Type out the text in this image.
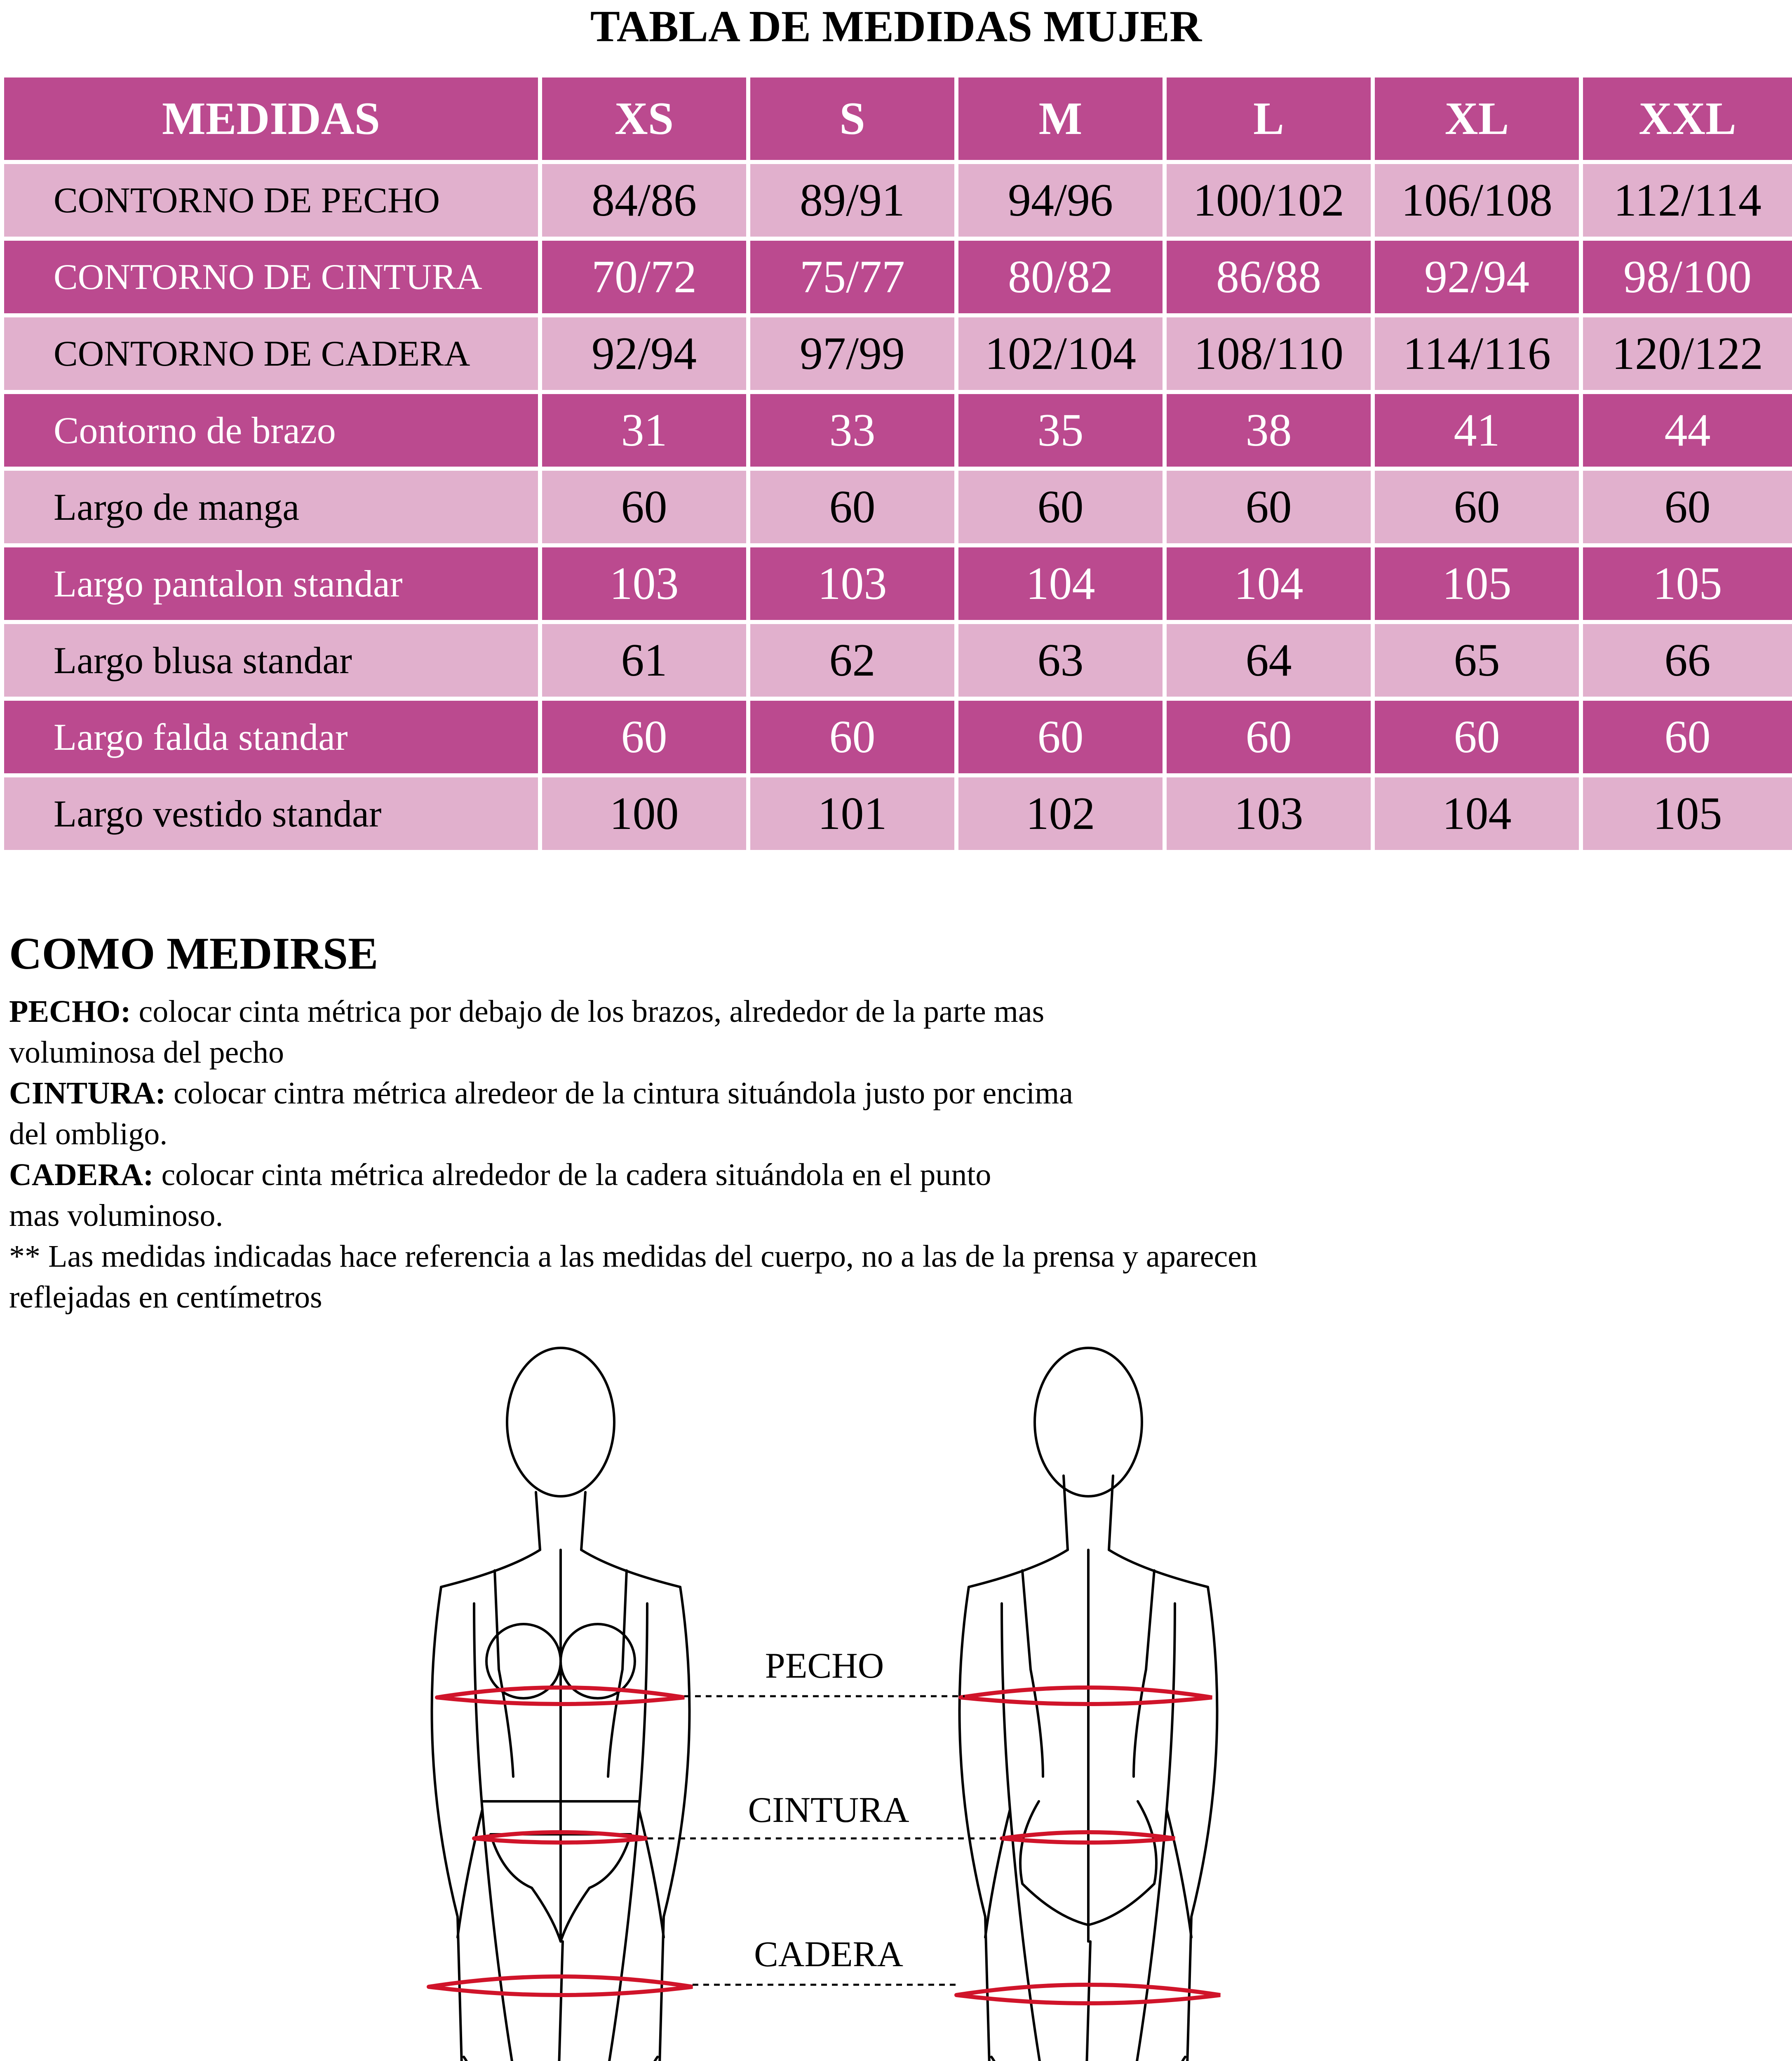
TABLA DE MEDIDAS MUJER
MEDIDAS	XS	S	M	L	XL	XXL
CONTORNO DE PECHO	84/86	89/91	94/96	100/102	106/108	112/114
CONTORNO DE CINTURA	70/72	75/77	80/82	86/88	92/94	98/100
CONTORNO DE CADERA	92/94	97/99	102/104	108/110	114/116	120/122
Contorno de brazo	31	33	35	38	41	44
Largo de manga	60	60	60	60	60	60
Largo pantalon standar	103	103	104	104	105	105
Largo blusa standar	61	62	63	64	65	66
Largo falda standar	60	60	60	60	60	60
Largo vestido standar	100	101	102	103	104	105
COMO MEDIRSE

PECHO: colocar cinta métrica por debajo de los brazos, alrededor de la parte mas

voluminosa del pecho

CINTURA: colocar cintra métrica alredeor de la cintura situándola justo por encima

del ombligo.

CADERA: colocar cinta métrica alrededor de la cadera situándola en el punto

mas voluminoso.

** Las medidas indicadas hace referencia a las medidas del cuerpo, no a las de la prensa y aparecen

reflejadas en centímetros

PECHO
CINTURA
CADERA
